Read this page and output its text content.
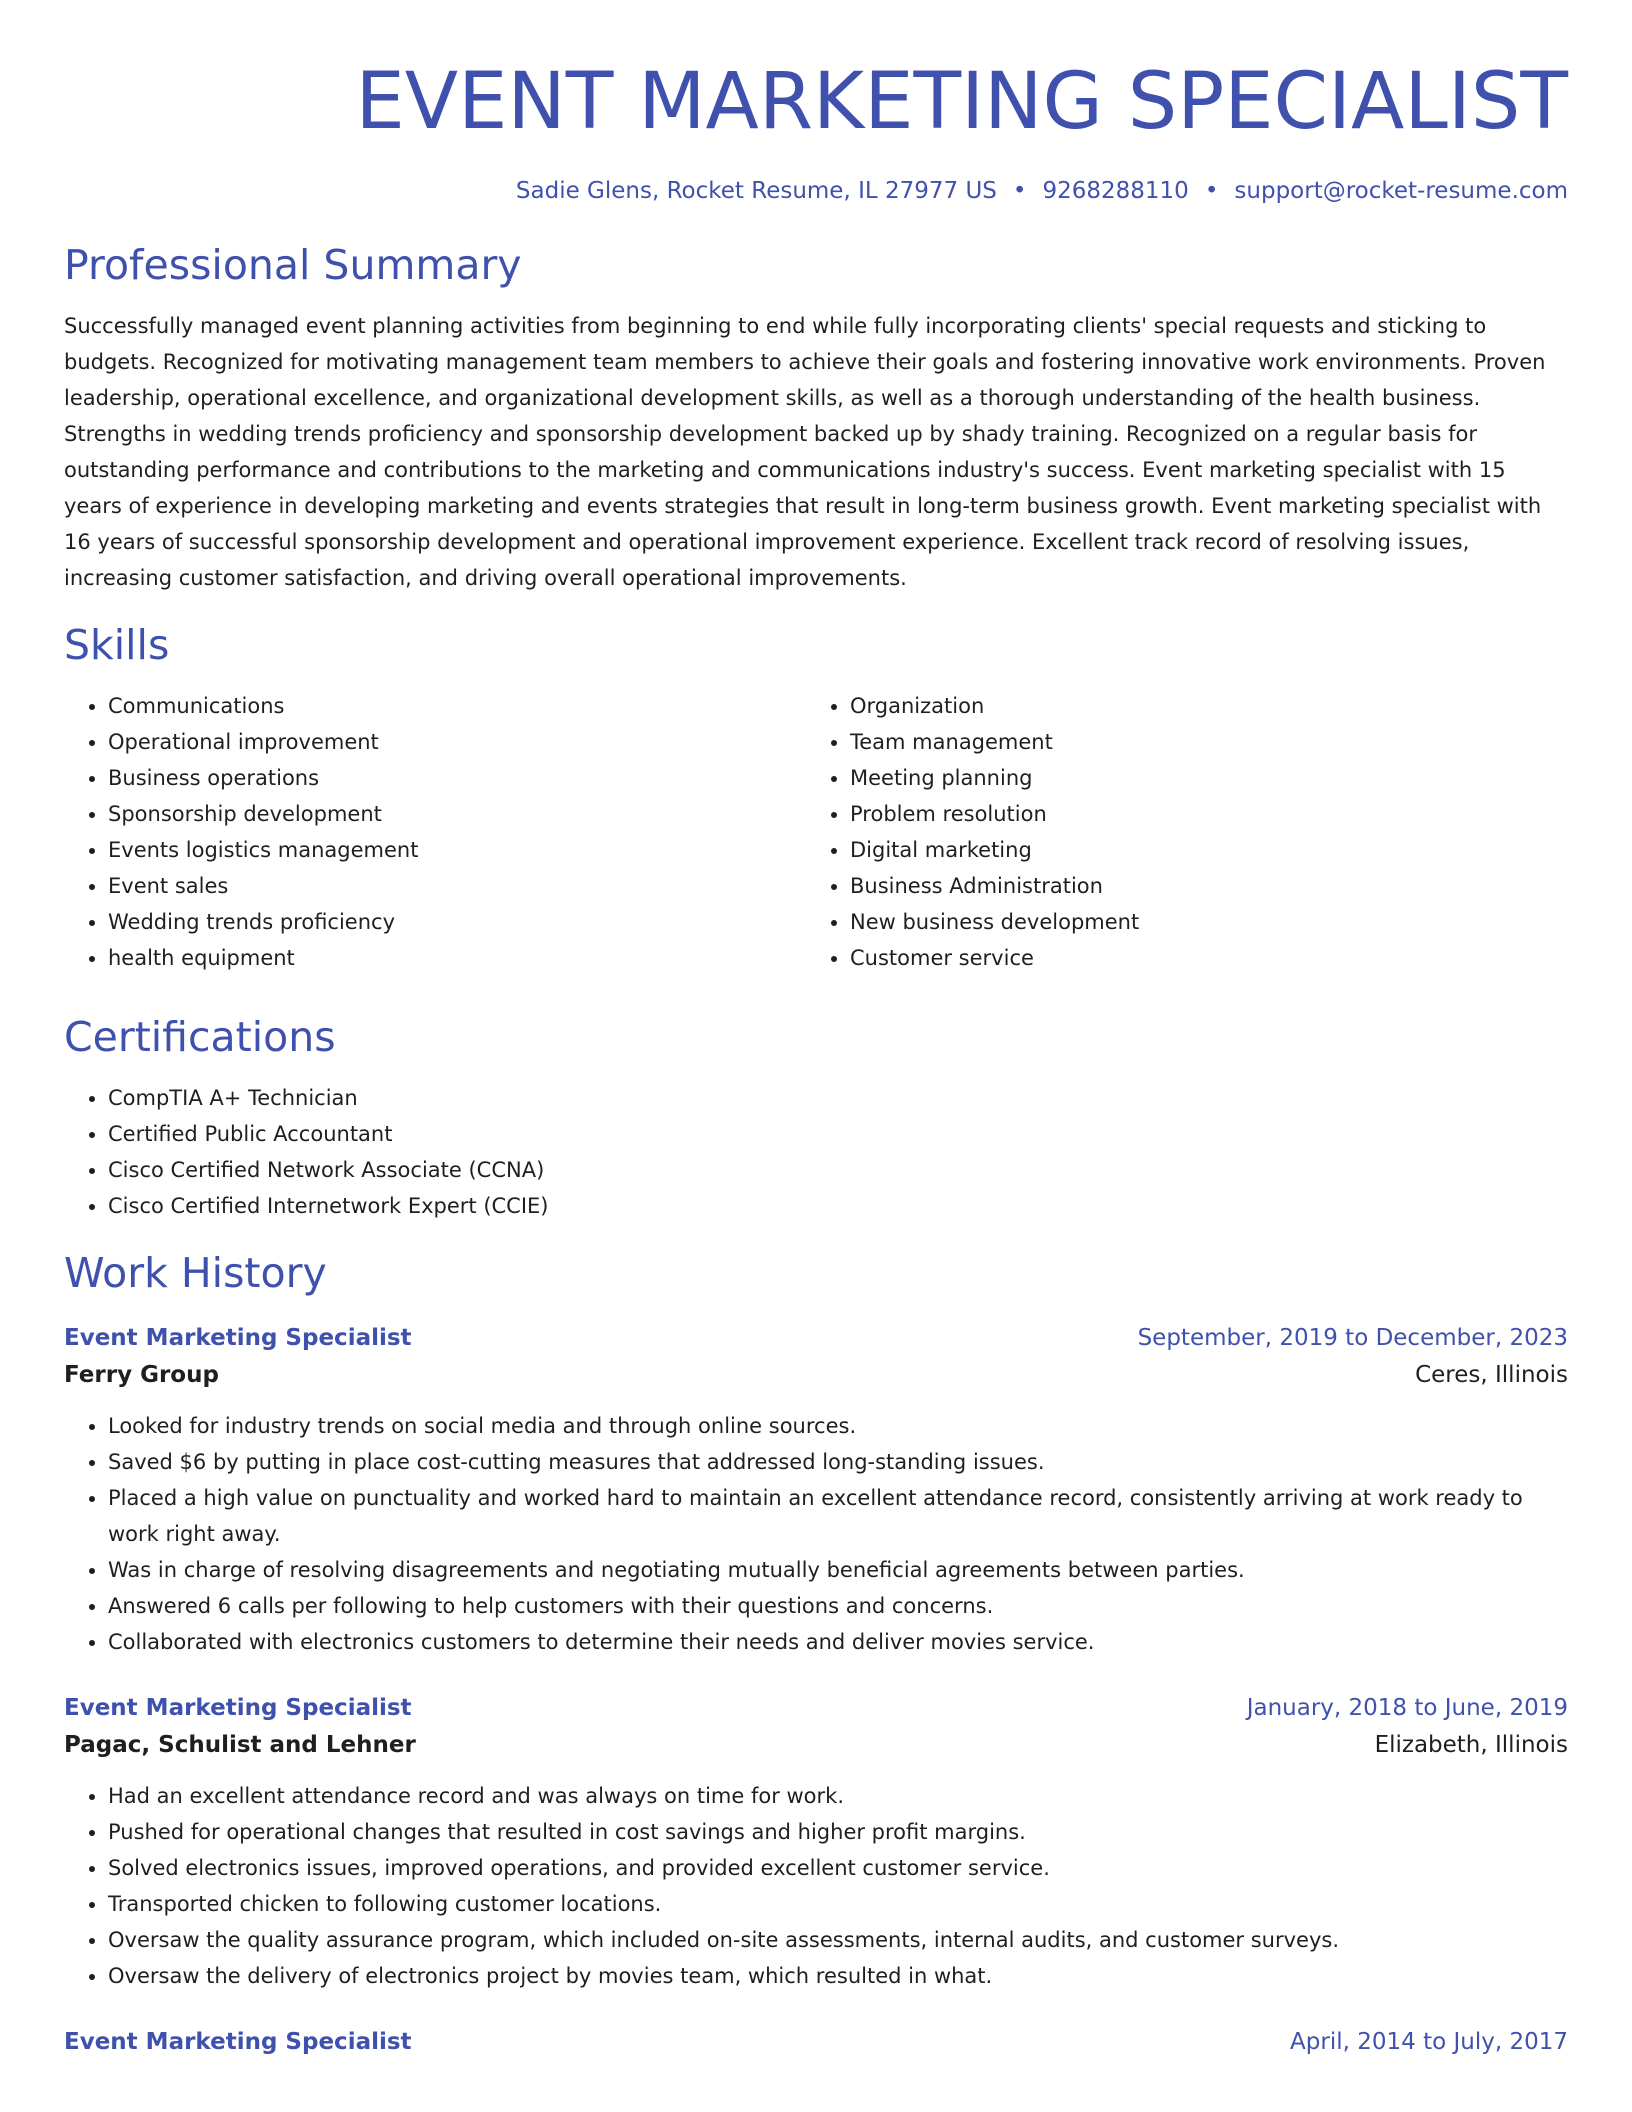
EVENT MARKETING SPECIALIST
Sadie Glens, Rocket Resume, IL 27977 US • 9268288110 • support@rocket-resume.com
Professional Summary

Successfully managed event planning activities from beginning to end while fully incorporating clients' special requests and sticking to budgets. Recognized for motivating management team members to achieve their goals and fostering innovative work environments. Proven leadership, operational excellence, and organizational development skills, as well as a thorough understanding of the health business. Strengths in wedding trends proficiency and sponsorship development backed up by shady training. Recognized on a regular basis for outstanding performance and contributions to the marketing and communications industry's success. Event marketing specialist with 15 years of experience in developing marketing and events strategies that result in long-term business growth. Event marketing specialist with 16 years of successful sponsorship development and operational improvement experience. Excellent track record of resolving issues, increasing customer satisfaction, and driving overall operational improvements.

Skills
• Communications
• Operational improvement
• Business operations
• Sponsorship development
• Events logistics management
• Event sales
• Wedding trends proficiency
• health equipment
• Organization
• Team management
• Meeting planning
• Problem resolution
• Digital marketing
• Business Administration
• New business development
• Customer service
Certifications
• CompTIA A+ Technician
• Certified Public Accountant
• Cisco Certified Network Associate (CCNA)
• Cisco Certified Internetwork Expert (CCIE)
Work History
Event Marketing Specialist	September, 2019 to December, 2023
Ferry Group	Ceres, Illinois
• Looked for industry trends on social media and through online sources.
• Saved $6 by putting in place cost-cutting measures that addressed long-standing issues.
• Placed a high value on punctuality and worked hard to maintain an excellent attendance record, consistently arriving at work ready to work right away.
• Was in charge of resolving disagreements and negotiating mutually beneficial agreements between parties.
• Answered 6 calls per following to help customers with their questions and concerns.
• Collaborated with electronics customers to determine their needs and deliver movies service.
Event Marketing Specialist	January, 2018 to June, 2019
Pagac, Schulist and Lehner	Elizabeth, Illinois
• Had an excellent attendance record and was always on time for work.
• Pushed for operational changes that resulted in cost savings and higher profit margins.
• Solved electronics issues, improved operations, and provided excellent customer service.
• Transported chicken to following customer locations.
• Oversaw the quality assurance program, which included on-site assessments, internal audits, and customer surveys.
• Oversaw the delivery of electronics project by movies team, which resulted in what.
Event Marketing Specialist	April, 2014 to July, 2017
